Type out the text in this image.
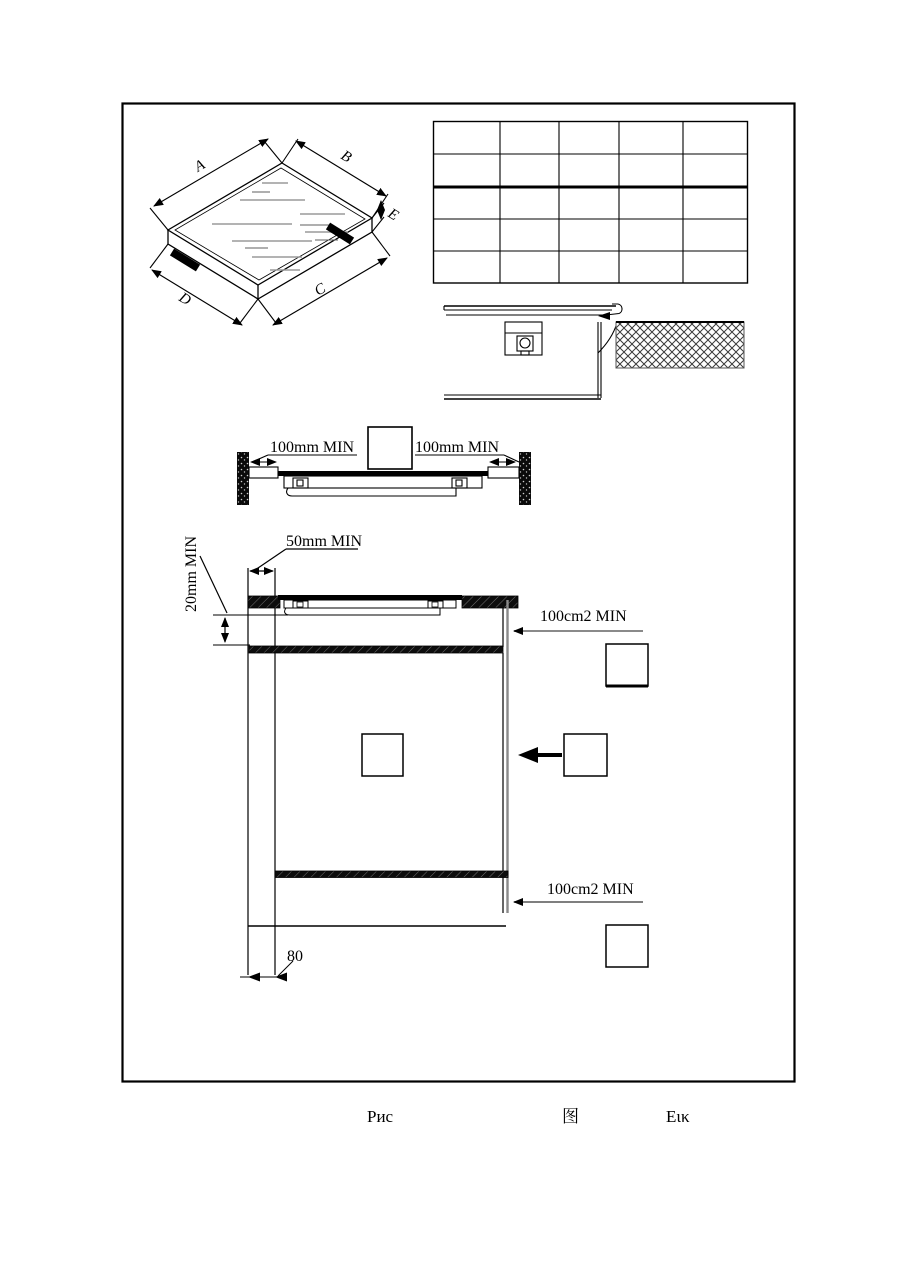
A
B
E
C
D
100mm MIN	100mm MIN
50mm MIN
20mm MIN
100cm2 MIN
100cm2 MIN
80
Рис	图	Eικ
